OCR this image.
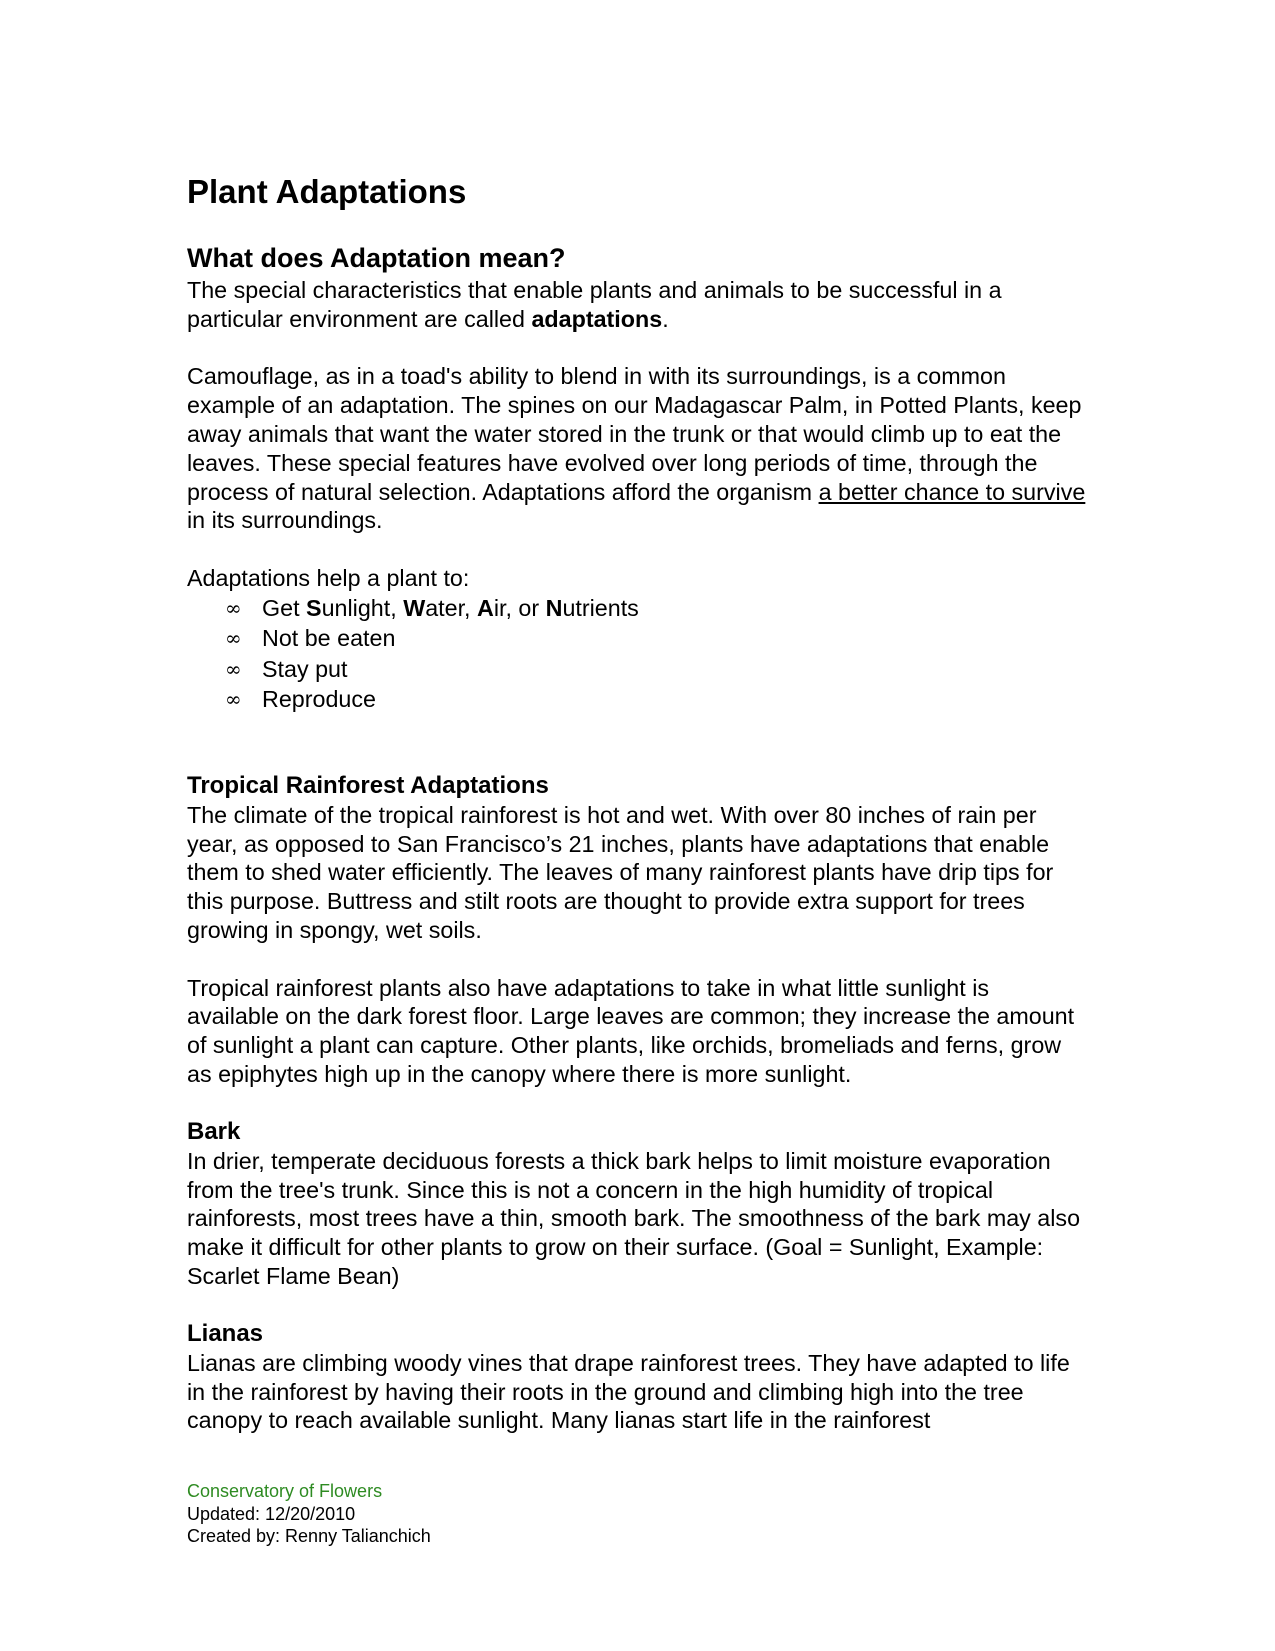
Plant Adaptations
What does Adaptation mean?

The special characteristics that enable plants and animals to be successful in a particular environment are called adaptations.

Camouflage, as in a toad's ability to blend in with its surroundings, is a common example of an adaptation. The spines on our Madagascar Palm, in Potted Plants, keep away animals that want the water stored in the trunk or that would climb up to eat the leaves. These special features have evolved over long periods of time, through the process of natural selection. Adaptations afford the organism a better chance to survive in its surroundings.

Adaptations help a plant to:

∞ Get Sunlight, Water, Air, or Nutrients
∞ Not be eaten
∞ Stay put
∞ Reproduce
Tropical Rainforest Adaptations

The climate of the tropical rainforest is hot and wet. With over 80 inches of rain per year, as opposed to San Francisco’s 21 inches, plants have adaptations that enable them to shed water efficiently. The leaves of many rainforest plants have drip tips for this purpose. Buttress and stilt roots are thought to provide extra support for trees growing in spongy, wet soils.

Tropical rainforest plants also have adaptations to take in what little sunlight is available on the dark forest floor. Large leaves are common; they increase the amount of sunlight a plant can capture. Other plants, like orchids, bromeliads and ferns, grow as epiphytes high up in the canopy where there is more sunlight.

Bark

In drier, temperate deciduous forests a thick bark helps to limit moisture evaporation from the tree's trunk. Since this is not a concern in the high humidity of tropical rainforests, most trees have a thin, smooth bark. The smoothness of the bark may also make it difficult for other plants to grow on their surface. (Goal = Sunlight, Example: Scarlet Flame Bean)

Lianas

Lianas are climbing woody vines that drape rainforest trees. They have adapted to life in the rainforest by having their roots in the ground and climbing high into the tree canopy to reach available sunlight. Many lianas start life in the rainforest

Conservatory of Flowers
Updated: 12/20/2010
Created by: Renny Talianchich
